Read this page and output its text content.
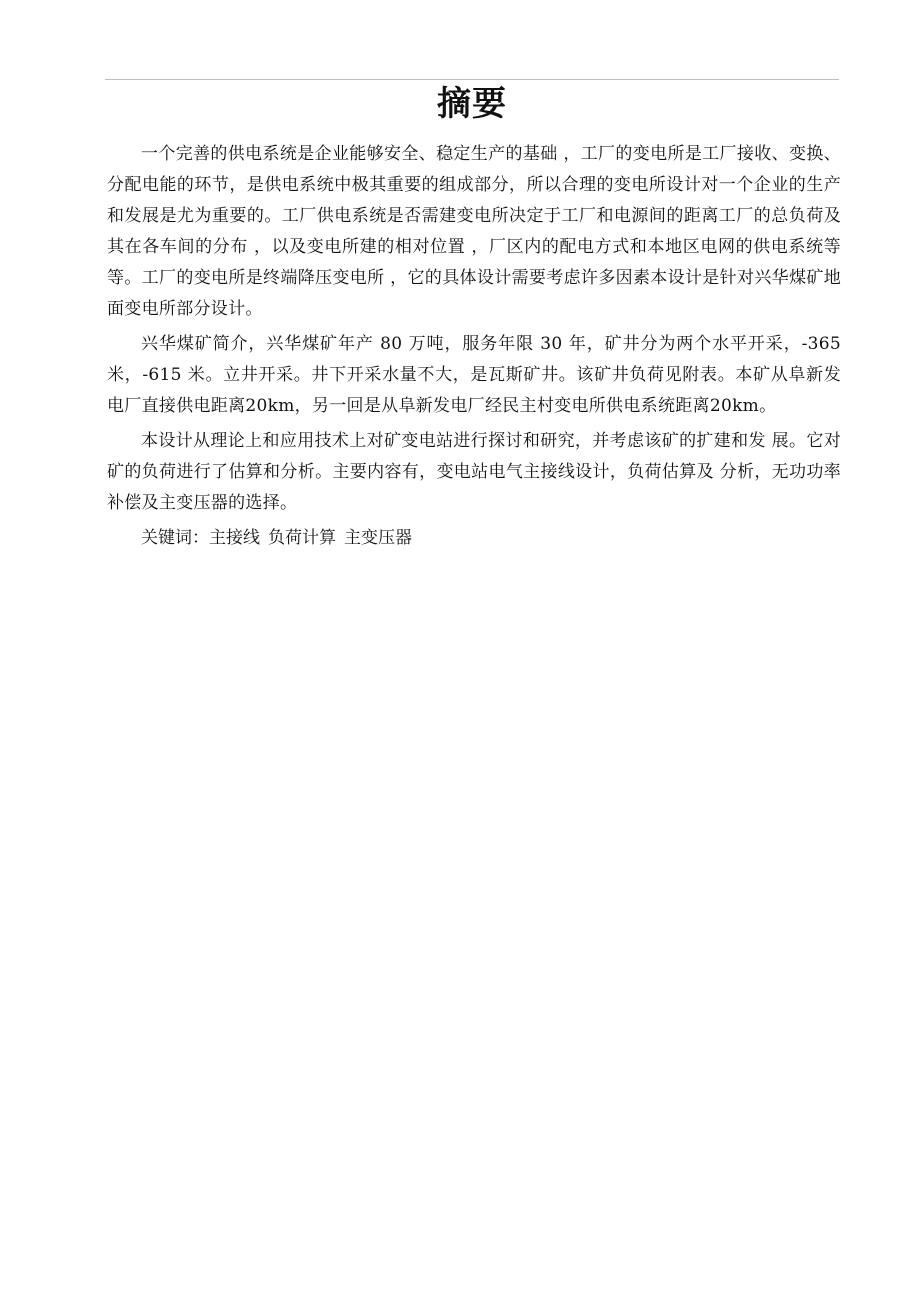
摘要

一个完善的供电系统是企业能够安全、稳定生产的基础 ，工厂的变电所是工厂接收、变换、分配电能的环节，是供电系统中极其重要的组成部分，所以合理的变电所设计对一个企业的生产和发展是尤为重要的。工厂供电系统是否需建变电所决定于工厂和电源间的距离工厂的总负荷及其在各车间的分布 ，以及变电所建的相对位置 ，厂区内的配电方式和本地区电网的供电系统等等。工厂的变电所是终端降压变电所 ，它的具体设计需要考虑许多因素本设计是针对兴华煤矿地面变电所部分设计。

兴华煤矿简介，兴华煤矿年产 80 万吨，服务年限 30 年，矿井分为两个水平开采，-365米，-615 米。立井开采。井下开采水量不大，是瓦斯矿井。该矿井负荷见附表。本矿从阜新发电厂直接供电距离20km，另一回是从阜新发电厂经民主村变电所供电系统距离20km。

本设计从理论上和应用技术上对矿变电站进行探讨和研究，并考虑该矿的扩建和发 展。它对矿的负荷进行了估算和分析。主要内容有，变电站电气主接线设计，负荷估算及 分析，无功功率补偿及主变压器的选择。

关键词：主接线 负荷计算 主变压器
